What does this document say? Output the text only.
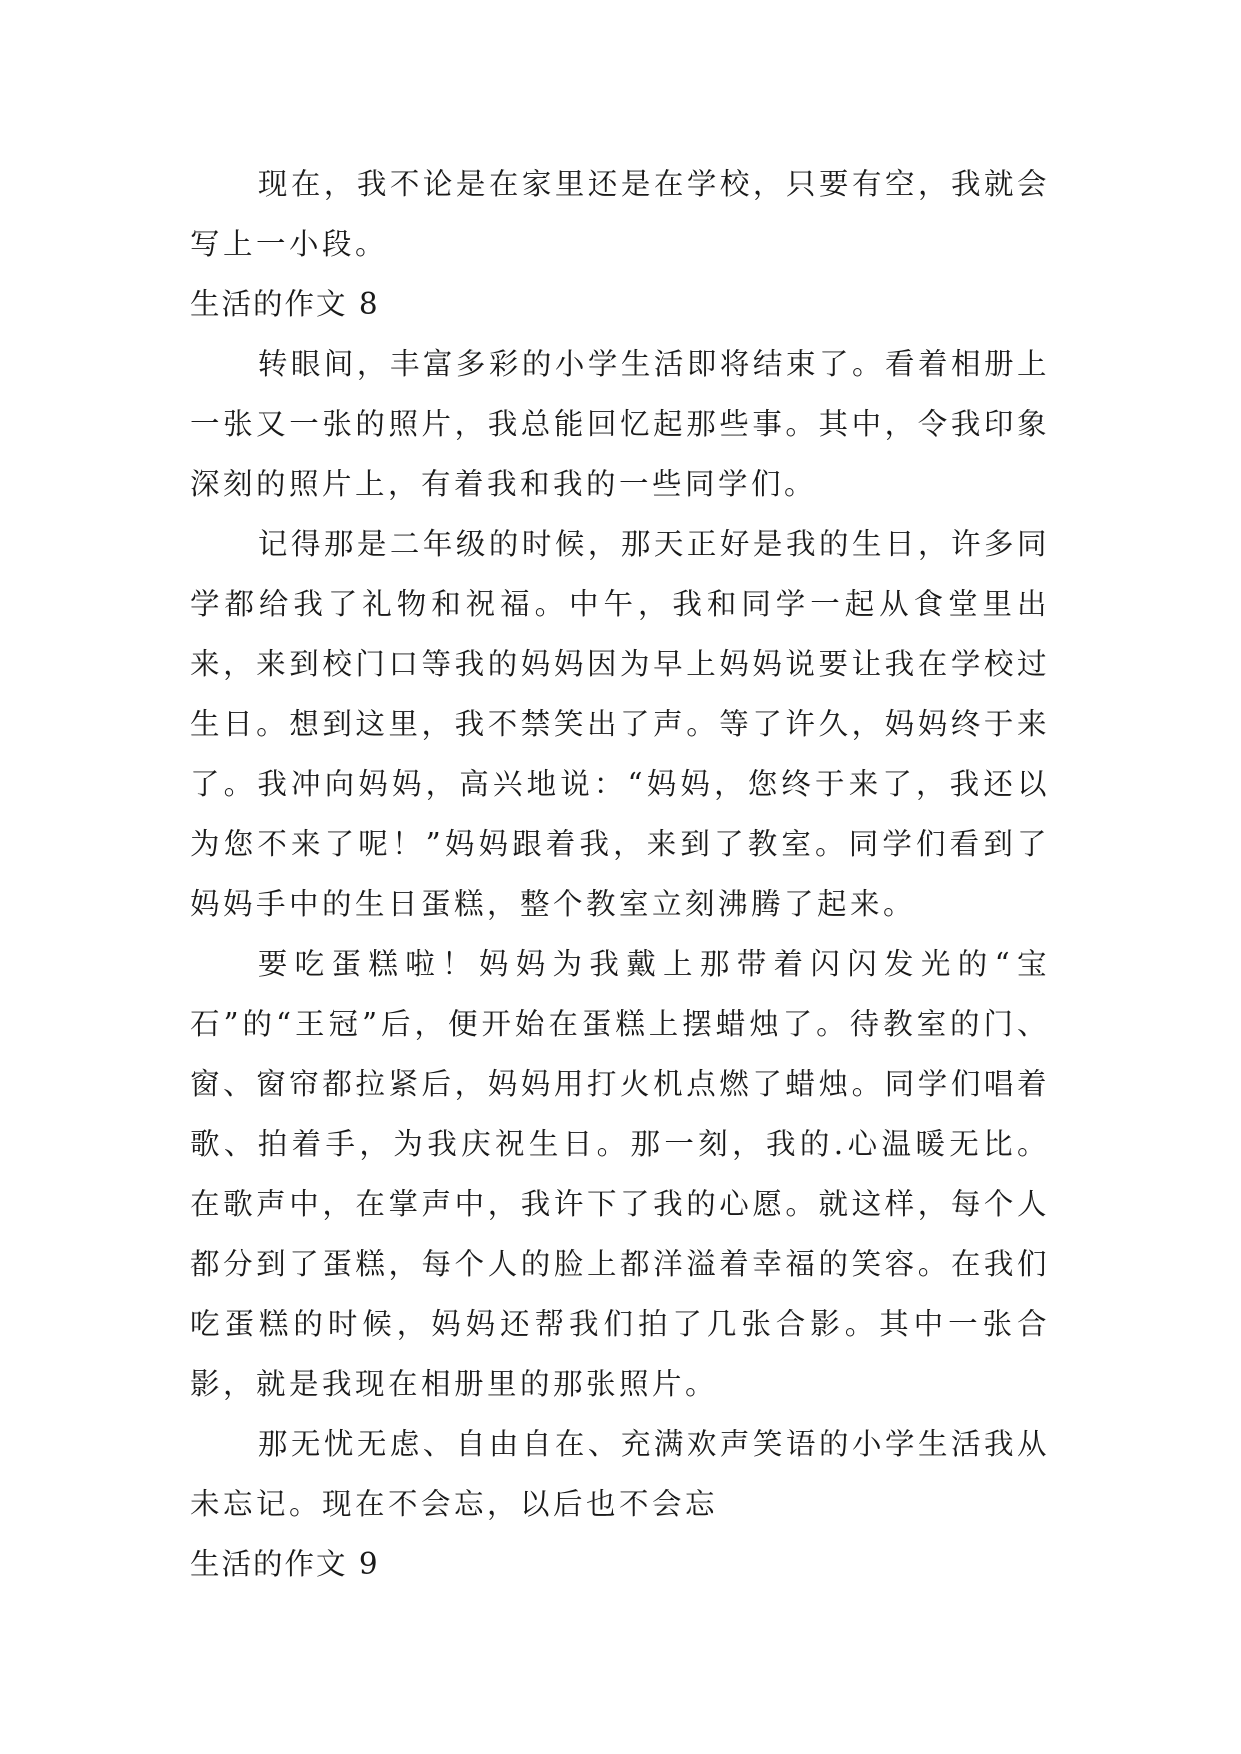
现在，我不论是在家里还是在学校，只要有空，我就会写上一小段。

生活的作文 8

转眼间，丰富多彩的小学生活即将结束了。看着相册上一张又一张的照片，我总能回忆起那些事。其中，令我印象深刻的照片上，有着我和我的一些同学们。

记得那是二年级的时候，那天正好是我的生日，许多同学都给我了礼物和祝福。中午，我和同学一起从食堂里出来，来到校门口等我的妈妈因为早上妈妈说要让我在学校过生日。想到这里，我不禁笑出了声。等了许久，妈妈终于来了。我冲向妈妈，高兴地说：“妈妈，您终于来了，我还以为您不来了呢！”妈妈跟着我，来到了教室。同学们看到了妈妈手中的生日蛋糕，整个教室立刻沸腾了起来。

要吃蛋糕啦！妈妈为我戴上那带着闪闪发光的“宝石”的“王冠”后，便开始在蛋糕上摆蜡烛了。待教室的门、窗、窗帘都拉紧后，妈妈用打火机点燃了蜡烛。同学们唱着歌、拍着手，为我庆祝生日。那一刻，我的.心温暖无比。在歌声中，在掌声中，我许下了我的心愿。就这样，每个人都分到了蛋糕，每个人的脸上都洋溢着幸福的笑容。在我们吃蛋糕的时候，妈妈还帮我们拍了几张合影。其中一张合影，就是我现在相册里的那张照片。

那无忧无虑、自由自在、充满欢声笑语的小学生活我从未忘记。现在不会忘，以后也不会忘

生活的作文 9
